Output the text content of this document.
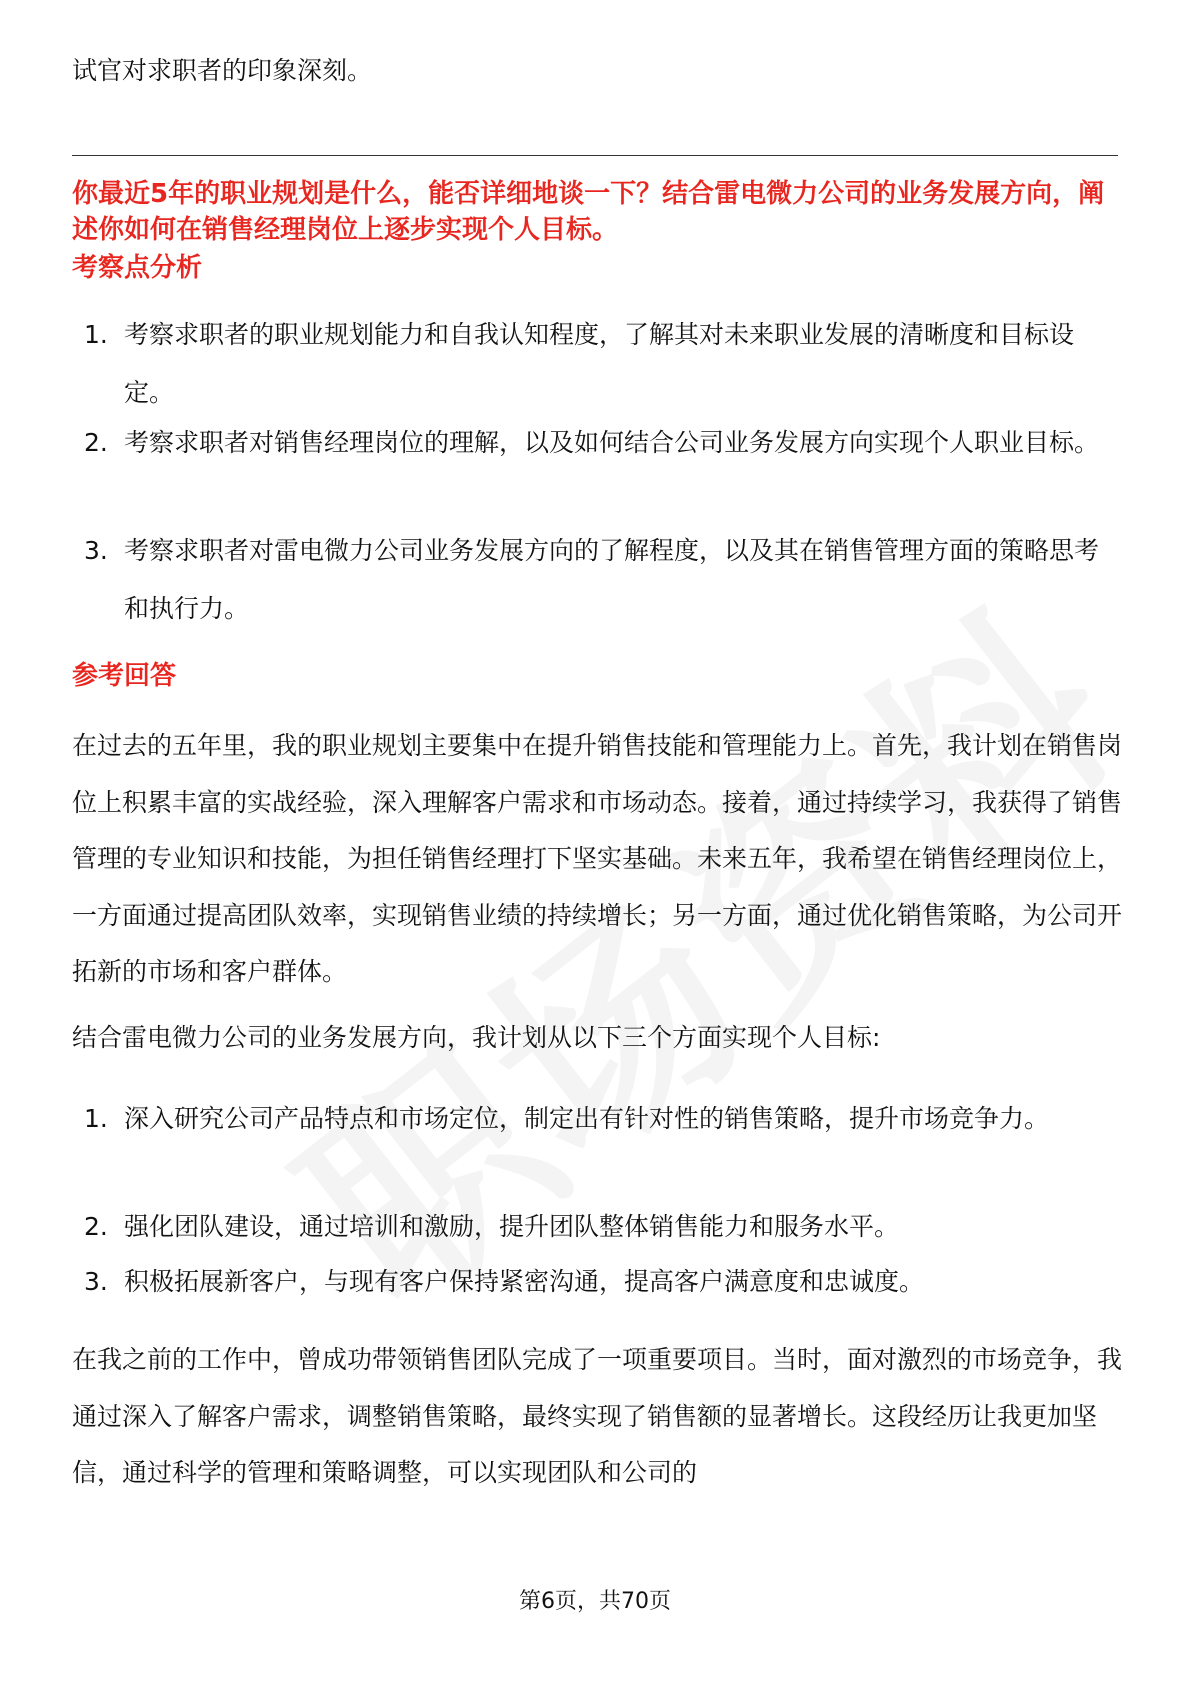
试官对求职者的印象深刻。
你最近5年的职业规划是什么，能否详细地谈一下？结合雷电微力公司的业务发展方向，阐述你如何在销售经理岗位上逐步实现个人目标。
考察点分析
1. 考察求职者的职业规划能力和自我认知程度，了解其对未来职业发展的清晰度和目标设定。
2. 考察求职者对销售经理岗位的理解，以及如何结合公司业务发展方向实现个人职业目标。
3. 考察求职者对雷电微力公司业务发展方向的了解程度，以及其在销售管理方面的策略思考和执行力。
参考回答
在过去的五年里，我的职业规划主要集中在提升销售技能和管理能力上。首先，我计划在销售岗位上积累丰富的实战经验，深入理解客户需求和市场动态。接着，通过持续学习，我获得了销售管理的专业知识和技能，为担任销售经理打下坚实基础。未来五年，我希望在销售经理岗位上，一方面通过提高团队效率，实现销售业绩的持续增长；另一方面，通过优化销售策略，为公司开拓新的市场和客户群体。
结合雷电微力公司的业务发展方向，我计划从以下三个方面实现个人目标:
1. 深入研究公司产品特点和市场定位，制定出有针对性的销售策略，提升市场竞争力。
2. 强化团队建设，通过培训和激励，提升团队整体销售能力和服务水平。
3. 积极拓展新客户，与现有客户保持紧密沟通，提高客户满意度和忠诚度。
在我之前的工作中，曾成功带领销售团队完成了一项重要项目。当时，面对激烈的市场竞争，我通过深入了解客户需求，调整销售策略，最终实现了销售额的显著增长。这段经历让我更加坚信，通过科学的管理和策略调整，可以实现团队和公司的
第6页，共70页
